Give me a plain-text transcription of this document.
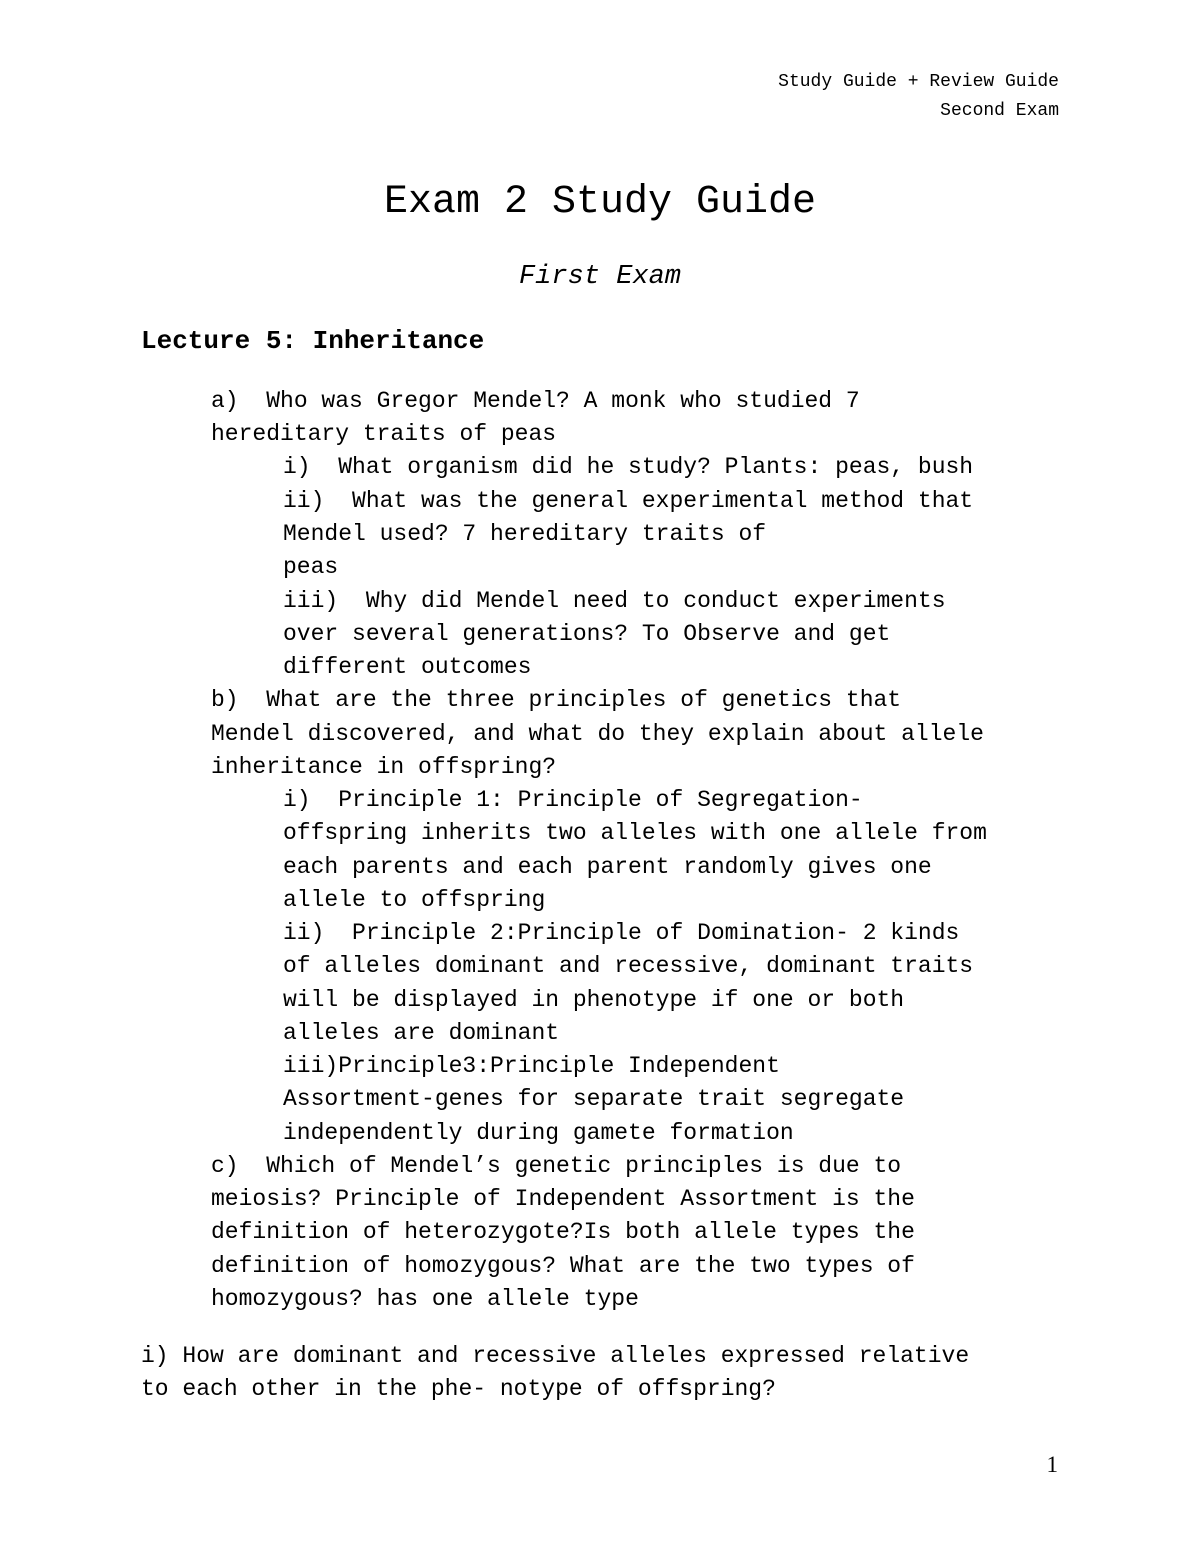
Study Guide + Review Guide
Second Exam
Exam 2 Study Guide
First Exam
Lecture 5: Inheritance
a)  Who was Gregor Mendel? A monk who studied 7
hereditary traits of peas
i)  What organism did he study? Plants: peas, bush
ii)  What was the general experimental method that
Mendel used? 7 hereditary traits of
peas
iii)  Why did Mendel need to conduct experiments
over several generations? To Observe and get
different outcomes
b)  What are the three principles of genetics that
Mendel discovered, and what do they explain about allele
inheritance in offspring?
i)  Principle 1: Principle of Segregation-
offspring inherits two alleles with one allele from
each parents and each parent randomly gives one
allele to offspring
ii)  Principle 2:Principle of Domination- 2 kinds
of alleles dominant and recessive, dominant traits
will be displayed in phenotype if one or both
alleles are dominant
iii)Principle3:Principle Independent
Assortment-genes for separate trait segregate
independently during gamete formation
c)  Which of Mendel’s genetic principles is due to
meiosis? Principle of Independent Assortment is the
definition of heterozygote?Is both allele types the
definition of homozygous? What are the two types of
homozygous? has one allele type
i) How are dominant and recessive alleles expressed relative
to each other in the phe- notype of offspring?
1
